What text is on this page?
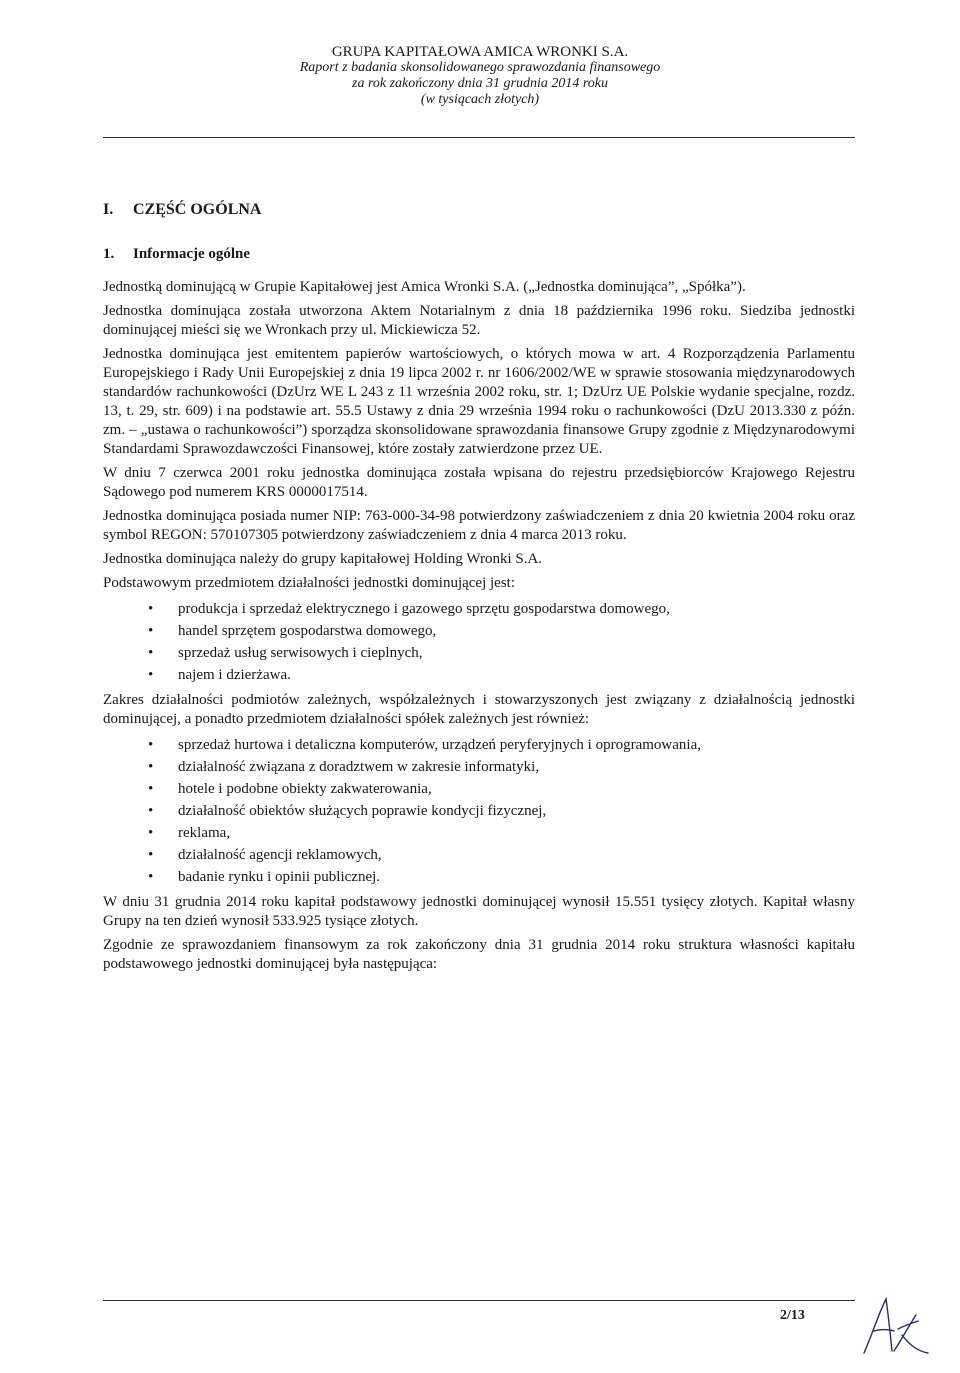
GRUPA KAPITAŁOWA AMICA WRONKI S.A.
Raport z badania skonsolidowanego sprawozdania finansowego
za rok zakończony dnia 31 grudnia 2014 roku
(w tysiącach złotych)
I. CZĘŚĆ OGÓLNA
1. Informacje ogólne

Jednostką dominującą w Grupie Kapitałowej jest Amica Wronki S.A. („Jednostka dominująca”, „Spółka”).

Jednostka dominująca została utworzona Aktem Notarialnym z dnia 18 października 1996 roku. Siedziba jednostki dominującej mieści się we Wronkach przy ul. Mickiewicza 52.

Jednostka dominująca jest emitentem papierów wartościowych, o których mowa w art. 4 Rozporządzenia Parlamentu Europejskiego i Rady Unii Europejskiej z dnia 19 lipca 2002 r. nr 1606/2002/WE w sprawie stosowania międzynarodowych standardów rachunkowości (DzUrz WE L 243 z 11 września 2002 roku, str. 1; DzUrz UE Polskie wydanie specjalne, rozdz. 13, t. 29, str. 609) i na podstawie art. 55.5 Ustawy z dnia 29 września 1994 roku o rachunkowości (DzU 2013.330 z późn. zm. – „ustawa o rachunkowości”) sporządza skonsolidowane sprawozdania finansowe Grupy zgodnie z Międzynarodowymi Standardami Sprawozdawczości Finansowej, które zostały zatwierdzone przez UE.

W dniu 7 czerwca 2001 roku jednostka dominująca została wpisana do rejestru przedsiębiorców Krajowego Rejestru Sądowego pod numerem KRS 0000017514.

Jednostka dominująca posiada numer NIP: 763-000-34-98 potwierdzony zaświadczeniem z dnia 20 kwietnia 2004 roku oraz symbol REGON: 570107305 potwierdzony zaświadczeniem z dnia 4 marca 2013 roku.

Jednostka dominująca należy do grupy kapitałowej Holding Wronki S.A.

Podstawowym przedmiotem działalności jednostki dominującej jest:

• produkcja i sprzedaż elektrycznego i gazowego sprzętu gospodarstwa domowego,
• handel sprzętem gospodarstwa domowego,
• sprzedaż usług serwisowych i cieplnych,
• najem i dzierżawa.

Zakres działalności podmiotów zależnych, współzależnych i stowarzyszonych jest związany z działalnością jednostki dominującej, a ponadto przedmiotem działalności spółek zależnych jest również:

• sprzedaż hurtowa i detaliczna komputerów, urządzeń peryferyjnych i oprogramowania,
• działalność związana z doradztwem w zakresie informatyki,
• hotele i podobne obiekty zakwaterowania,
• działalność obiektów służących poprawie kondycji fizycznej,
• reklama,
• działalność agencji reklamowych,
• badanie rynku i opinii publicznej.

W dniu 31 grudnia 2014 roku kapitał podstawowy jednostki dominującej wynosił 15.551 tysięcy złotych. Kapitał własny Grupy na ten dzień wynosił 533.925 tysiące złotych.

Zgodnie ze sprawozdaniem finansowym za rok zakończony dnia 31 grudnia 2014 roku struktura własności kapitału podstawowego jednostki dominującej była następująca:

2/13
